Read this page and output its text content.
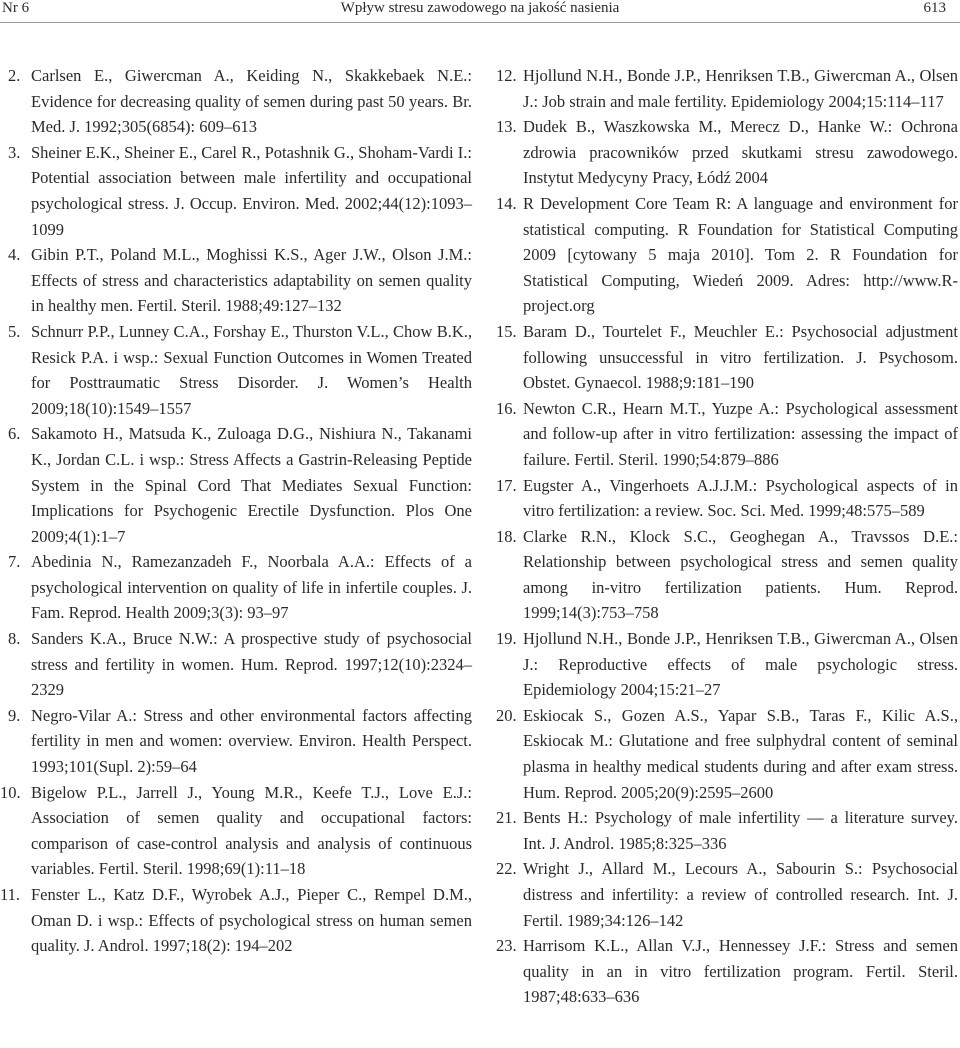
Nr 6	Wpływ stresu zawodowego na jakość nasienia	613
2. Carlsen E., Giwercman A., Keiding N., Skakkebaek N.E.: Evidence for decreasing quality of semen during past 50 years. Br. Med. J. 1992;305(6854): 609–613
3. Sheiner E.K., Sheiner E., Carel R., Potashnik G., Shoham-Vardi I.: Potential association between male infertility and occupational psychological stress. J. Occup. Environ. Med. 2002;44(12):1093–1099
4. Gibin P.T., Poland M.L., Moghissi K.S., Ager J.W., Olson J.M.: Effects of stress and characteristics adaptability on semen quality in healthy men. Fertil. Steril. 1988;49:127–132
5. Schnurr P.P., Lunney C.A., Forshay E., Thurston V.L., Chow B.K., Resick P.A. i wsp.: Sexual Function Outcomes in Women Treated for Posttraumatic Stress Disorder. J. Women’s Health 2009;18(10):1549–1557
6. Sakamoto H., Matsuda K., Zuloaga D.G., Nishiura N., Takanami K., Jordan C.L. i wsp.: Stress Affects a Gastrin-Releasing Peptide System in the Spinal Cord That Mediates Sexual Function: Implications for Psychogenic Erectile Dysfunction. Plos One 2009;4(1):1–7
7. Abedinia N., Ramezanzadeh F., Noorbala A.A.: Effects of a psychological intervention on quality of life in infertile couples. J. Fam. Reprod. Health 2009;3(3): 93–97
8. Sanders K.A., Bruce N.W.: A prospective study of psychosocial stress and fertility in women. Hum. Reprod. 1997;12(10):2324–2329
9. Negro-Vilar A.: Stress and other environmental factors affecting fertility in men and women: overview. Environ. Health Perspect. 1993;101(Supl. 2):59–64
10. Bigelow P.L., Jarrell J., Young M.R., Keefe T.J., Love E.J.: Association of semen quality and occupational factors: comparison of case-control analysis and analysis of continuous variables. Fertil. Steril. 1998;69(1):11–18
11. Fenster L., Katz D.F., Wyrobek A.J., Pieper C., Rempel D.M., Oman D. i wsp.: Effects of psychological stress on human semen quality. J. Androl. 1997;18(2): 194–202
12. Hjollund N.H., Bonde J.P., Henriksen T.B., Giwercman A., Olsen J.: Job strain and male fertility. Epidemiology 2004;15:114–117
13. Dudek B., Waszkowska M., Merecz D., Hanke W.: Ochrona zdrowia pracowników przed skutkami stresu zawodowego. Instytut Medycyny Pracy, Łódź 2004
14. R Development Core Team R: A language and environment for statistical computing. R Foundation for Statistical Computing 2009 [cytowany 5 maja 2010]. Tom 2. R Foundation for Statistical Computing, Wiedeń 2009. Adres: http://www.R-project.org
15. Baram D., Tourtelet F., Meuchler E.: Psychosocial adjustment following unsuccessful in vitro fertilization. J. Psychosom. Obstet. Gynaecol. 1988;9:181–190
16. Newton C.R., Hearn M.T., Yuzpe A.: Psychological assessment and follow-up after in vitro fertilization: assessing the impact of failure. Fertil. Steril. 1990;54:879–886
17. Eugster A., Vingerhoets A.J.J.M.: Psychological aspects of in vitro fertilization: a review. Soc. Sci. Med. 1999;48:575–589
18. Clarke R.N., Klock S.C., Geoghegan A., Travssos D.E.: Relationship between psychological stress and semen quality among in-vitro fertilization patients. Hum. Reprod. 1999;14(3):753–758
19. Hjollund N.H., Bonde J.P., Henriksen T.B., Giwercman A., Olsen J.: Reproductive effects of male psychologic stress. Epidemiology 2004;15:21–27
20. Eskiocak S., Gozen A.S., Yapar S.B., Taras F., Kilic A.S., Eskiocak M.: Glutatione and free sulphydral content of seminal plasma in healthy medical students during and after exam stress. Hum. Reprod. 2005;20(9):2595–2600
21. Bents H.: Psychology of male infertility — a literature survey. Int. J. Androl. 1985;8:325–336
22. Wright J., Allard M., Lecours A., Sabourin S.: Psychosocial distress and infertility: a review of controlled research. Int. J. Fertil. 1989;34:126–142
23. Harrisom K.L., Allan V.J., Hennessey J.F.: Stress and semen quality in an in vitro fertilization program. Fertil. Steril. 1987;48:633–636
